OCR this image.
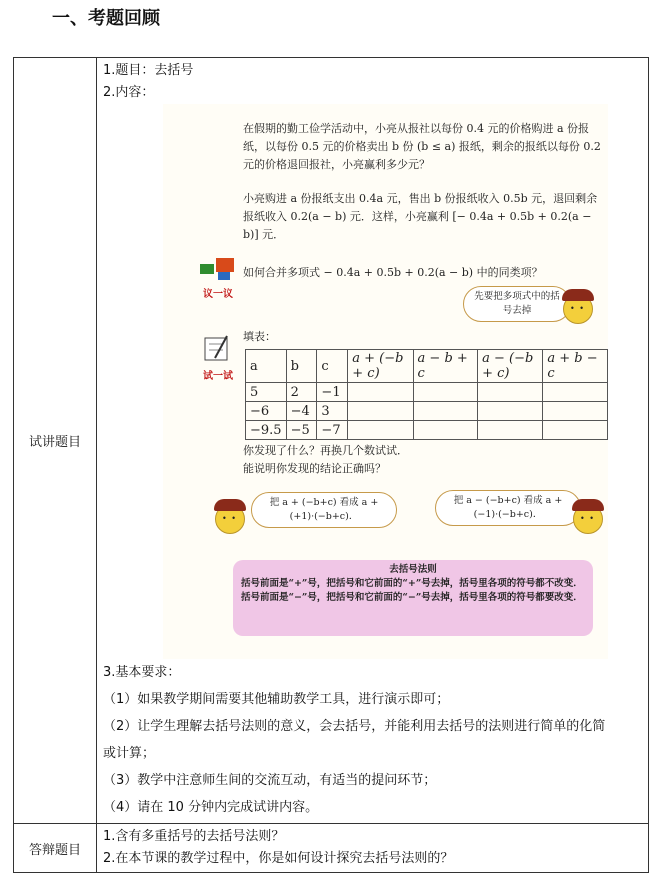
一、考题回顾
试讲题目	
1.题目：去括号
2.内容：
在假期的勤工俭学活动中，小亮从报社以每份 0.4 元的价格购进 a 份报纸，以每份 0.5 元的价格卖出 b 份 (b ≤ a) 报纸，剩余的报纸以每份 0.2 元的价格退回报社，小亮赢利多少元？
小亮购进 a 份报纸支出 0.4a 元，售出 b 份报纸收入 0.5b 元，退回剩余报纸收入 0.2(a − b) 元．这样，小亮赢利 [− 0.4a + 0.5b + 0.2(a − b)] 元．
议一议
如何合并多项式 − 0.4a + 0.5b + 0.2(a − b) 中的同类项？
先要把多项式中的括号去掉
• •
试一试
填表：
a	b	c	a + (−b + c)	a − b + c	a − (−b + c)	a + b − c
5	2	−1				
−6	−4	3				
−9.5	−5	−7				
你发现了什么？再换几个数试试．
能说明你发现的结论正确吗？
• •
把 a + (−b+c) 看成 a + (+1)·(−b+c)．
把 a − (−b+c) 看成 a + (−1)·(−b+c)．
• •
去括号法则
括号前面是“+”号，把括号和它前面的“+”号去掉，括号里各项的符号都不改变．
括号前面是“−”号，把括号和它前面的“−”号去掉，括号里各项的符号都要改变．
3.基本要求：
（1）如果教学期间需要其他辅助教学工具，进行演示即可；
（2）让学生理解去括号法则的意义，会去括号，并能利用去括号的法则进行简单的化简
或计算；
（3）教学中注意师生间的交流互动，有适当的提问环节；
（4）请在 10 分钟内完成试讲内容。

答辩题目	
1.含有多重括号的去括号法则？
2.在本节课的教学过程中，你是如何设计探究去括号法则的？
